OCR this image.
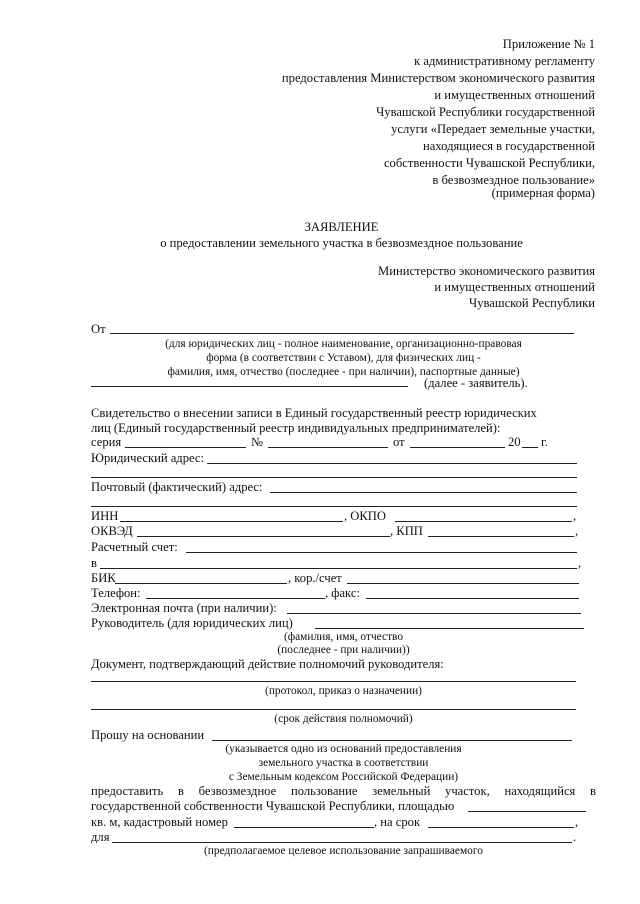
Приложение № 1
к административному регламенту
предоставления Министерством экономического развития
и имущественных отношений
Чувашской Республики государственной
услуги «Передает земельные участки,
находящиеся в государственной
собственности Чувашской Республики,
в безвозмездное пользование»
(примерная форма)
ЗАЯВЛЕНИЕ
о предоставлении земельного участка в безвозмездное пользование
Министерство экономического развития
и имущественных отношений
Чувашской Республики
От
(для юридических лиц - полное наименование, организационно-правовая
форма (в соответствии с Уставом), для физических лиц -
фамилия, имя, отчество (последнее - при наличии), паспортные данные)
(далее - заявитель).
Свидетельство о внесении записи в Единый государственный реестр юридических
лиц (Единый государственный реестр индивидуальных предпринимателей):
серия	№	от	20 г.
Юридический адрес:
Почтовый (фактический) адрес:
ИНН	, ОКПО	,
ОКВЭД	, КПП	,
Расчетный счет:
в	,
БИК	, кор./счет
Телефон:	, факс:
Электронная почта (при наличии):
Руководитель (для юридических лиц)
(фамилия, имя, отчество
(последнее - при наличии))
Документ, подтверждающий действие полномочий руководителя:
(протокол, приказ о назначении)
(срок действия полномочий)
Прошу на основании
(указывается одно из оснований предоставления
земельного участка в соответствии
с Земельным кодексом Российской Федерации)
предоставить в безвозмездное пользование земельный участок, находящийся в
государственной собственности Чувашской Республики, площадью
кв. м, кадастровый номер	, на срок	,
для	.
(предполагаемое целевое использование запрашиваемого
